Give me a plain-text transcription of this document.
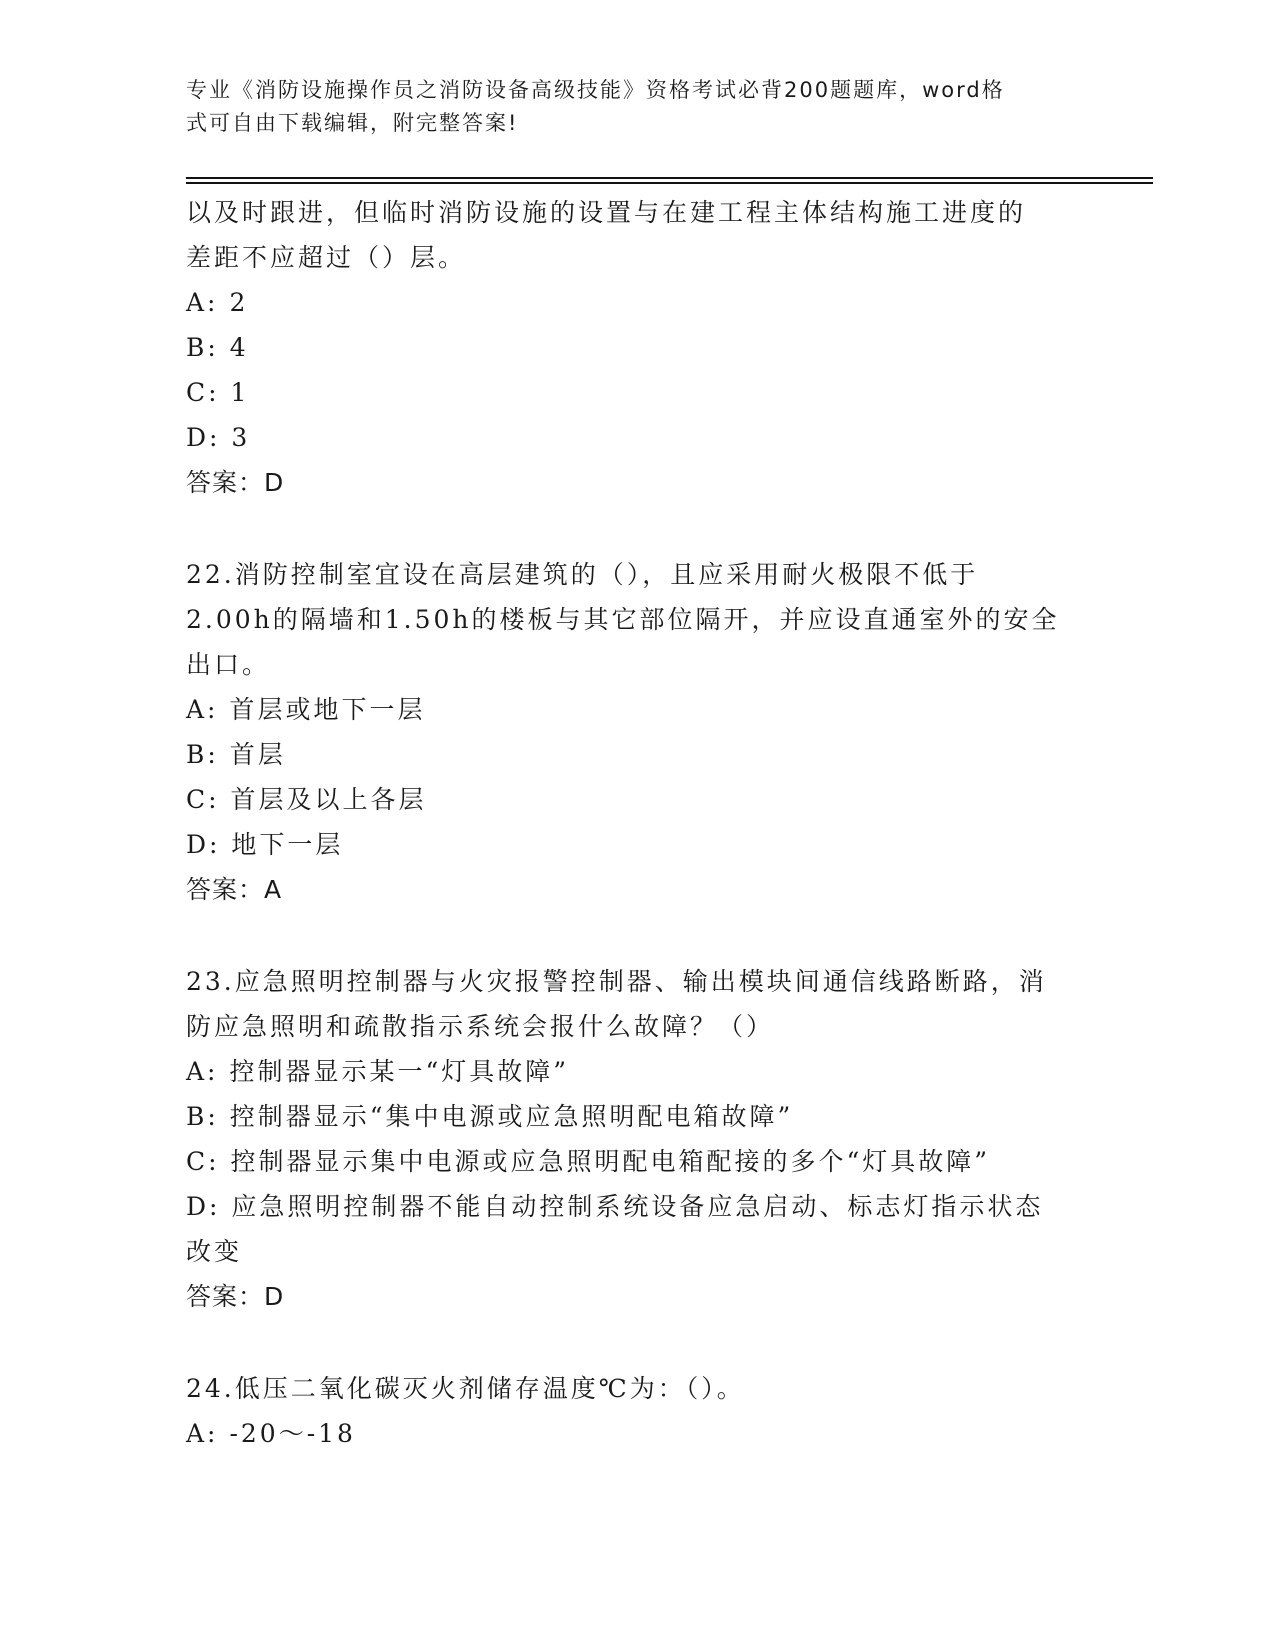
专业《消防设施操作员之消防设备高级技能》资格考试必背200题题库，word格
式可自由下载编辑，附完整答案!
以及时跟进，但临时消防设施的设置与在建工程主体结构施工进度的
差距不应超过（）层。
A: 2
B: 4
C: 1
D: 3
答案：D
22.消防控制室宜设在高层建筑的（），且应采用耐火极限不低于
2.00h的隔墙和1.50h的楼板与其它部位隔开，并应设直通室外的安全
出口。
A: 首层或地下一层
B: 首层
C: 首层及以上各层
D: 地下一层
答案：A
23.应急照明控制器与火灾报警控制器、输出模块间通信线路断路，消
防应急照明和疏散指示系统会报什么故障？（）
A: 控制器显示某一“灯具故障”
B: 控制器显示“集中电源或应急照明配电箱故障”
C: 控制器显示集中电源或应急照明配电箱配接的多个“灯具故障”
D: 应急照明控制器不能自动控制系统设备应急启动、标志灯指示状态
改变
答案：D
24.低压二氧化碳灭火剂储存温度℃为：（）。
A: -20～-18
